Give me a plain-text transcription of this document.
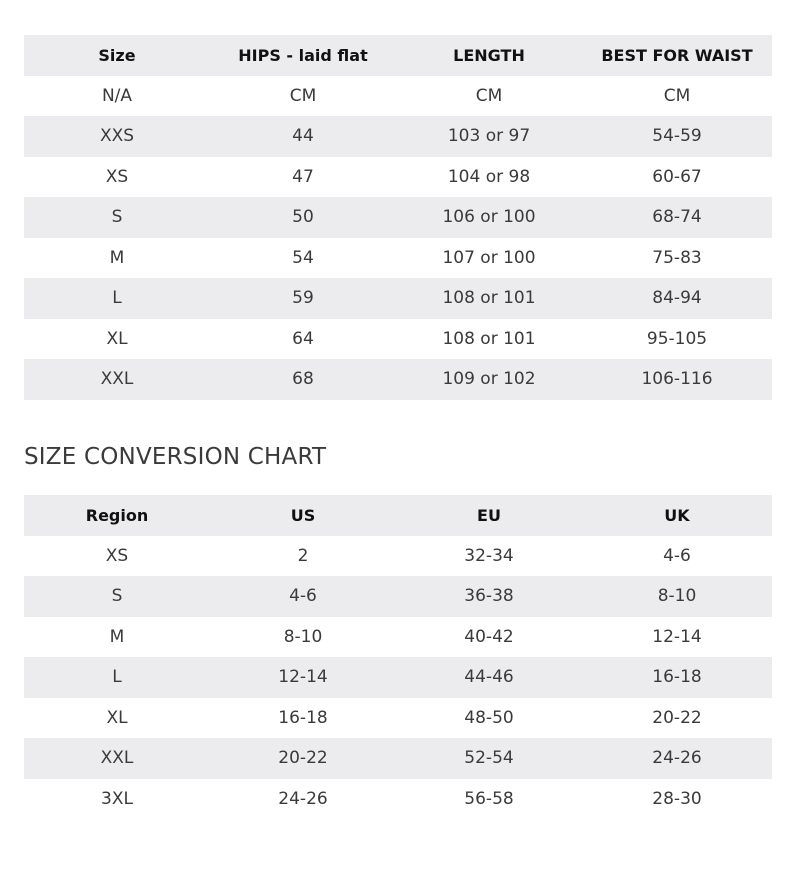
Size	HIPS - laid flat	LENGTH	BEST FOR WAIST
N/A	CM	CM	CM
XXS	44	103 or 97	54-59
XS	47	104 or 98	60-67
S	50	106 or 100	68-74
M	54	107 or 100	75-83
L	59	108 or 101	84-94
XL	64	108 or 101	95-105
XXL	68	109 or 102	106-116
SIZE CONVERSION CHART
Region	US	EU	UK
XS	2	32-34	4-6
S	4-6	36-38	8-10
M	8-10	40-42	12-14
L	12-14	44-46	16-18
XL	16-18	48-50	20-22
XXL	20-22	52-54	24-26
3XL	24-26	56-58	28-30
